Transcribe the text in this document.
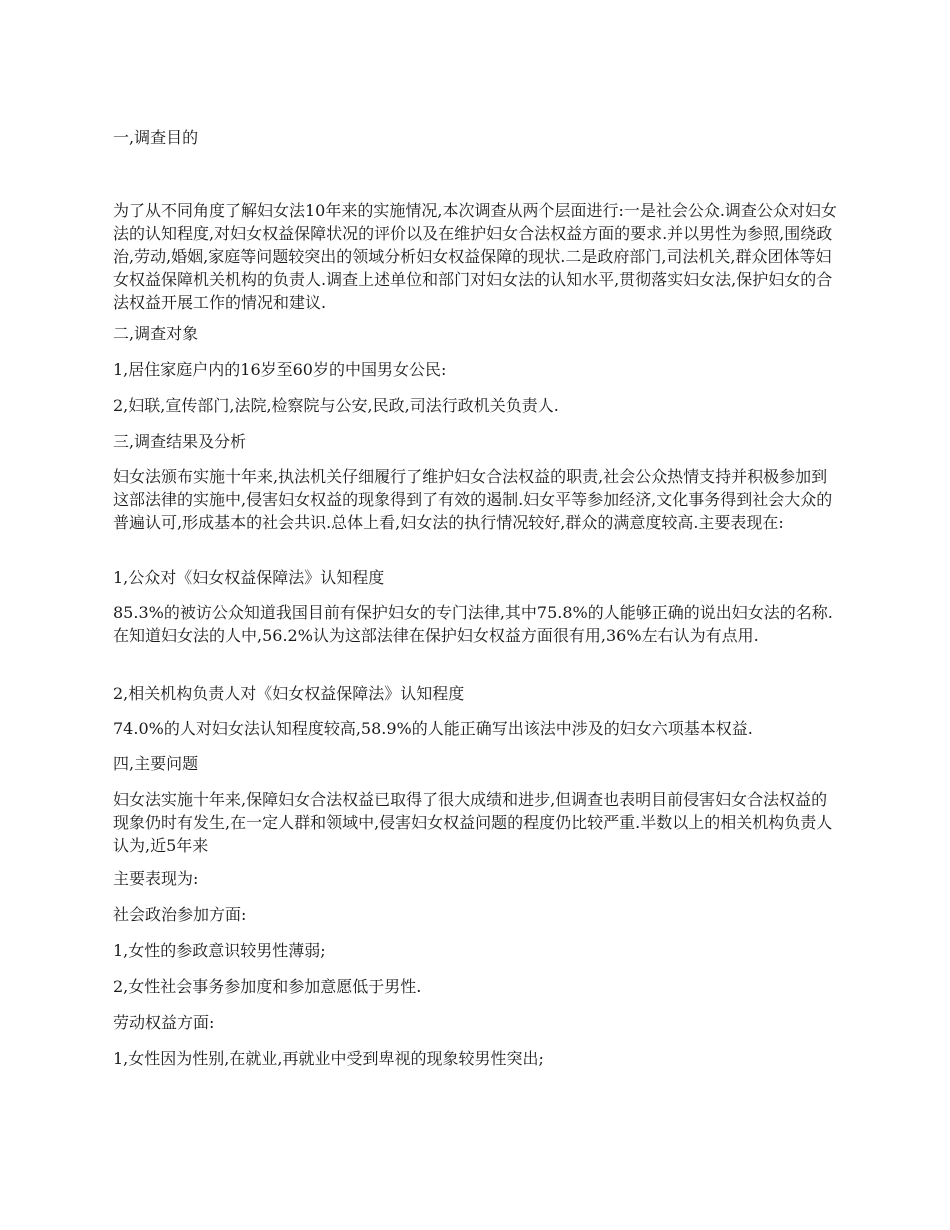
一,调查目的

为了从不同角度了解妇女法10年来的实施情况,本次调查从两个层面进行:一是社会公众.调查公众对妇女法的认知程度,对妇女权益保障状况的评价以及在维护妇女合法权益方面的要求.并以男性为参照,围绕政治,劳动,婚姻,家庭等问题较突出的领域分析妇女权益保障的现状.二是政府部门,司法机关,群众团体等妇女权益保障机关机构的负责人.调查上述单位和部门对妇女法的认知水平,贯彻落实妇女法,保护妇女的合法权益开展工作的情况和建议.

二,调查对象

1,居住家庭户内的16岁至60岁的中国男女公民:

2,妇联,宣传部门,法院,检察院与公安,民政,司法行政机关负责人.

三,调查结果及分析

妇女法颁布实施十年来,执法机关仔细履行了维护妇女合法权益的职责,社会公众热情支持并积极参加到这部法律的实施中,侵害妇女权益的现象得到了有效的遏制.妇女平等参加经济,文化事务得到社会大众的普遍认可,形成基本的社会共识.总体上看,妇女法的执行情况较好,群众的满意度较高.主要表现在:

1,公众对《妇女权益保障法》认知程度

85.3%的被访公众知道我国目前有保护妇女的专门法律,其中75.8%的人能够正确的说出妇女法的名称.在知道妇女法的人中,56.2%认为这部法律在保护妇女权益方面很有用,36%左右认为有点用.

2,相关机构负责人对《妇女权益保障法》认知程度

74.0%的人对妇女法认知程度较高,58.9%的人能正确写出该法中涉及的妇女六项基本权益.

四,主要问题

妇女法实施十年来,保障妇女合法权益已取得了很大成绩和进步,但调查也表明目前侵害妇女合法权益的现象仍时有发生,在一定人群和领域中,侵害妇女权益问题的程度仍比较严重.半数以上的相关机构负责人认为,近5年来

主要表现为:

社会政治参加方面:

1,女性的参政意识较男性薄弱;

2,女性社会事务参加度和参加意愿低于男性.

劳动权益方面:

1,女性因为性别,在就业,再就业中受到卑视的现象较男性突出;
